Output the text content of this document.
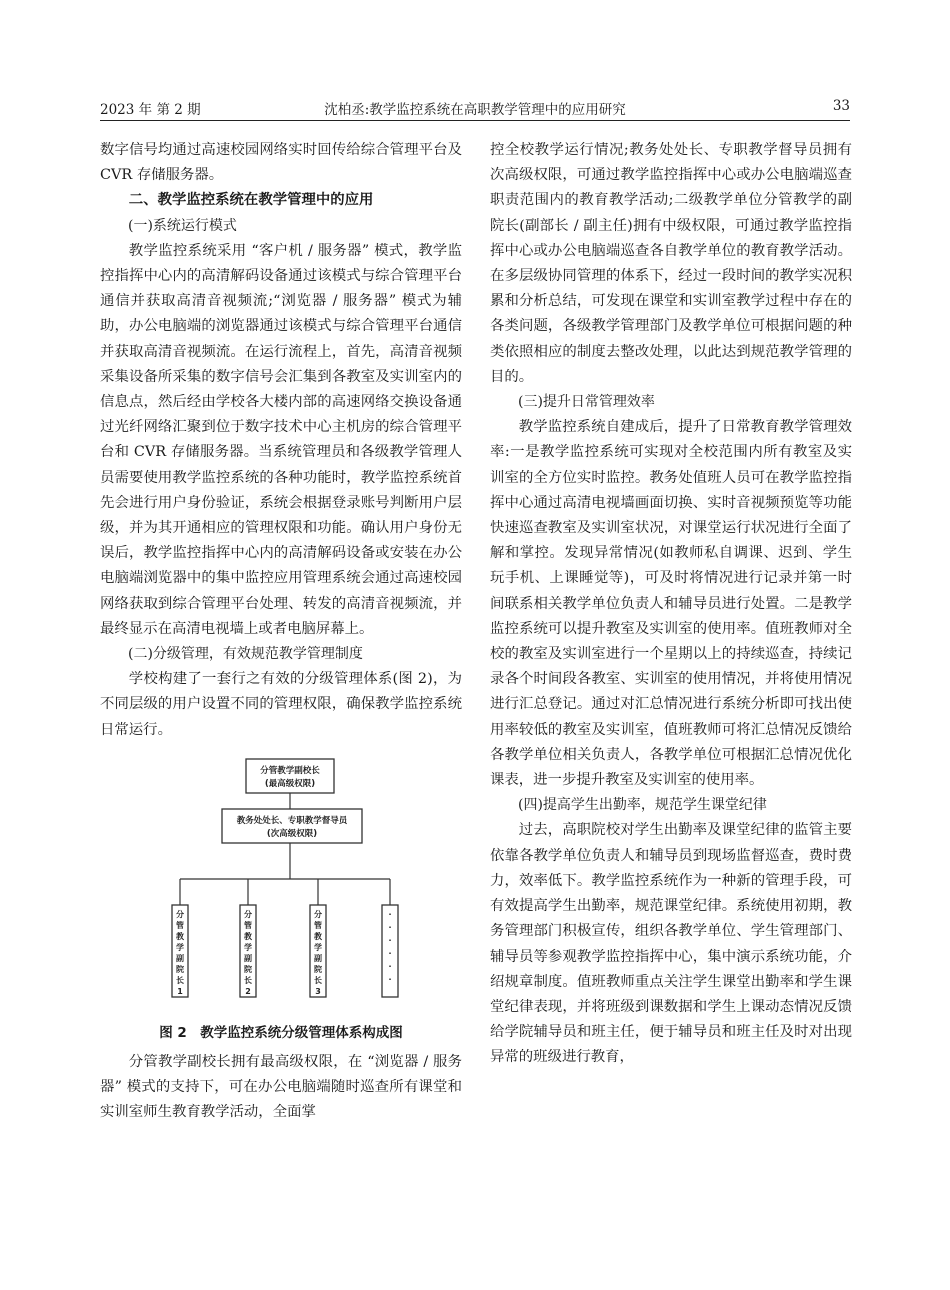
2023 年 第 2 期	沈柏丞:教学监控系统在高职教学管理中的应用研究	33

数字信号均通过高速校园网络实时回传给综合管理平台及 CVR 存储服务器。

二、教学监控系统在教学管理中的应用
(一)系统运行模式

教学监控系统采用 “客户机 / 服务器” 模式，教学监控指挥中心内的高清解码设备通过该模式与综合管理平台通信并获取高清音视频流;“浏览器 / 服务器” 模式为辅助，办公电脑端的浏览器通过该模式与综合管理平台通信并获取高清音视频流。在运行流程上，首先，高清音视频采集设备所采集的数字信号会汇集到各教室及实训室内的信息点，然后经由学校各大楼内部的高速网络交换设备通过光纤网络汇聚到位于数字技术中心主机房的综合管理平台和 CVR 存储服务器。当系统管理员和各级教学管理人员需要使用教学监控系统的各种功能时，教学监控系统首先会进行用户身份验证，系统会根据登录账号判断用户层级，并为其开通相应的管理权限和功能。确认用户身份无误后，教学监控指挥中心内的高清解码设备或安装在办公电脑端浏览器中的集中监控应用管理系统会通过高速校园网络获取到综合管理平台处理、转发的高清音视频流，并最终显示在高清电视墙上或者电脑屏幕上。

(二)分级管理，有效规范教学管理制度

学校构建了一套行之有效的分级管理体系(图 2)，为不同层级的用户设置不同的管理权限，确保教学监控系统日常运行。

分管教学副校长
(最高级权限)
教务处处长、专职教学督导员
(次高级权限)
分
管
教
学
副
院
长
1
分
管
教
学
副
院
长
2
分
管
教
学
副
院
长
3
·
·
·
·
·
·
图 2　教学监控系统分级管理体系构成图

分管教学副校长拥有最高级权限，在 “浏览器 / 服务器” 模式的支持下，可在办公电脑端随时巡查所有课堂和实训室师生教育教学活动，全面掌

控全校教学运行情况;教务处处长、专职教学督导员拥有次高级权限，可通过教学监控指挥中心或办公电脑端巡查职责范围内的教育教学活动;二级教学单位分管教学的副院长(副部长 / 副主任)拥有中级权限，可通过教学监控指挥中心或办公电脑端巡查各自教学单位的教育教学活动。在多层级协同管理的体系下，经过一段时间的教学实况积累和分析总结，可发现在课堂和实训室教学过程中存在的各类问题，各级教学管理部门及教学单位可根据问题的种类依照相应的制度去整改处理，以此达到规范教学管理的目的。

(三)提升日常管理效率

教学监控系统自建成后，提升了日常教育教学管理效率:一是教学监控系统可实现对全校范围内所有教室及实训室的全方位实时监控。教务处值班人员可在教学监控指挥中心通过高清电视墙画面切换、实时音视频预览等功能快速巡查教室及实训室状况，对课堂运行状况进行全面了解和掌控。发现异常情况(如教师私自调课、迟到、学生玩手机、上课睡觉等)，可及时将情况进行记录并第一时间联系相关教学单位负责人和辅导员进行处置。二是教学监控系统可以提升教室及实训室的使用率。值班教师对全校的教室及实训室进行一个星期以上的持续巡查，持续记录各个时间段各教室、实训室的使用情况，并将使用情况进行汇总登记。通过对汇总情况进行系统分析即可找出使用率较低的教室及实训室，值班教师可将汇总情况反馈给各教学单位相关负责人，各教学单位可根据汇总情况优化课表，进一步提升教室及实训室的使用率。

(四)提高学生出勤率，规范学生课堂纪律

过去，高职院校对学生出勤率及课堂纪律的监管主要依靠各教学单位负责人和辅导员到现场监督巡查，费时费力，效率低下。教学监控系统作为一种新的管理手段，可有效提高学生出勤率，规范课堂纪律。系统使用初期，教务管理部门积极宣传，组织各教学单位、学生管理部门、辅导员等参观教学监控指挥中心，集中演示系统功能，介绍规章制度。值班教师重点关注学生课堂出勤率和学生课堂纪律表现，并将班级到课数据和学生上课动态情况反馈给学院辅导员和班主任，便于辅导员和班主任及时对出现异常的班级进行教育，
